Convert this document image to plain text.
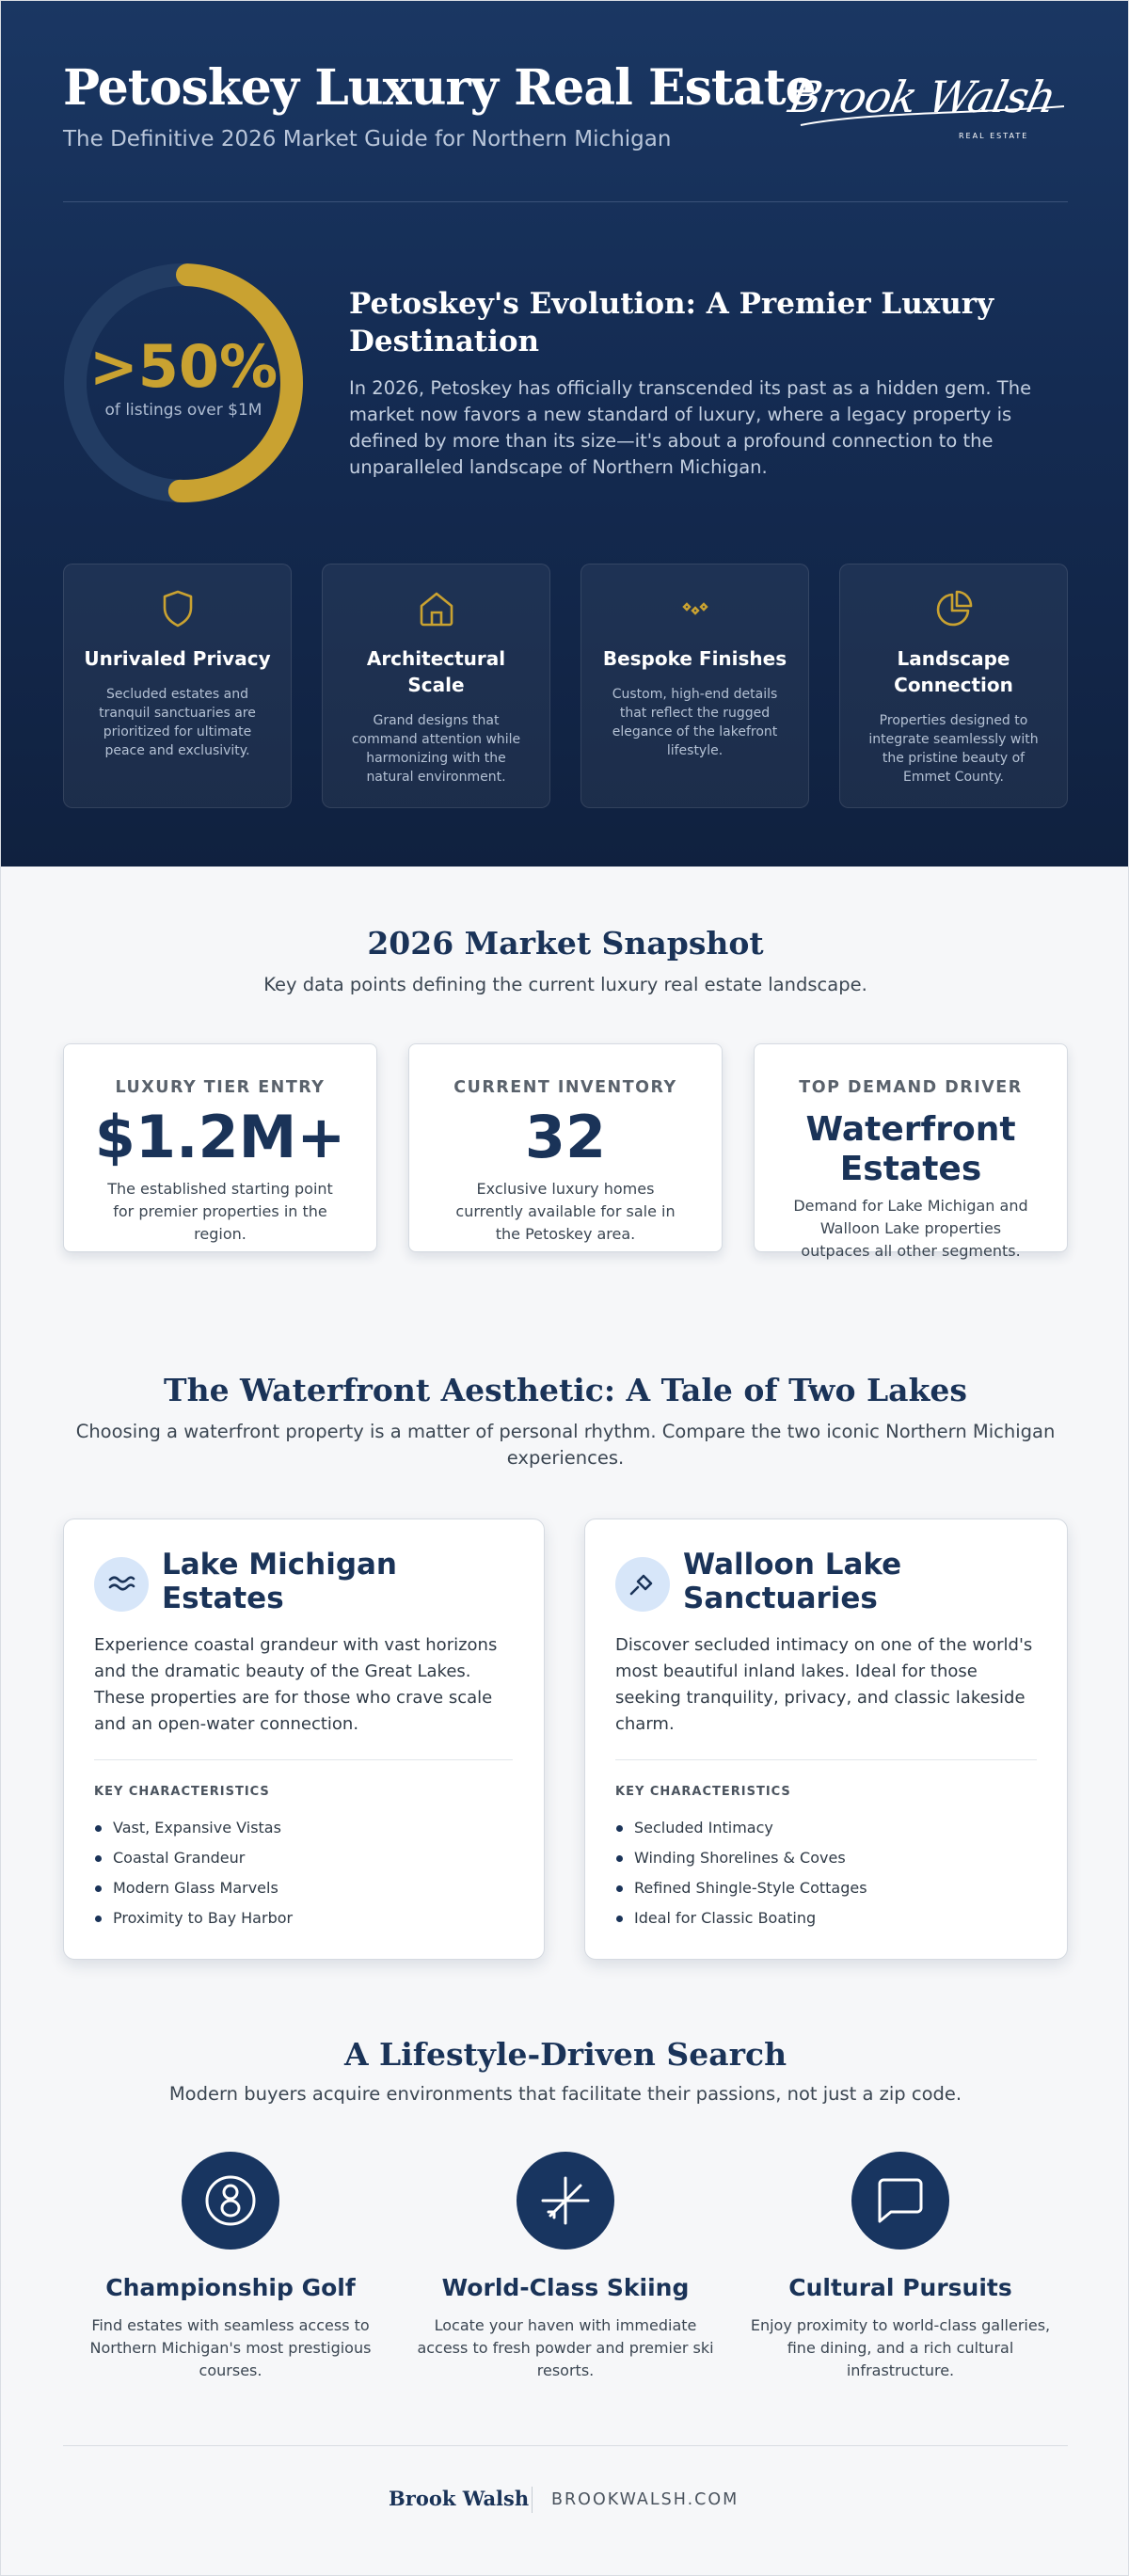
Petoskey Luxury Real Estate
The Definitive 2026 Market Guide for Northern Michigan
Brook Walsh
REAL ESTATE
>50%
of listings over $1M
Petoskey's Evolution: A Premier Luxury Destination

In 2026, Petoskey has officially transcended its past as a hidden gem. The market now favors a new standard of luxury, where a legacy property is defined by more than its size—it's about a profound connection to the unparalleled landscape of Northern Michigan.

Unrivaled Privacy
Secluded estates and tranquil sanctuaries are prioritized for ultimate peace and exclusivity.
Architectural Scale
Grand designs that command attention while harmonizing with the natural environment.
Bespoke Finishes
Custom, high-end details that reflect the rugged elegance of the lakefront lifestyle.
Landscape Connection
Properties designed to integrate seamlessly with the pristine beauty of Emmet County.
2026 Market Snapshot
Key data points defining the current luxury real estate landscape.
LUXURY TIER ENTRY
$1.2M+
The established starting point for premier properties in the region.
CURRENT INVENTORY
32
Exclusive luxury homes currently available for sale in the Petoskey area.
TOP DEMAND DRIVER
Waterfront Estates
Demand for Lake Michigan and Walloon Lake properties outpaces all other segments.
The Waterfront Aesthetic: A Tale of Two Lakes
Choosing a waterfront property is a matter of personal rhythm. Compare the two iconic Northern Michigan experiences.
Lake Michigan Estates

Experience coastal grandeur with vast horizons and the dramatic beauty of the Great Lakes. These properties are for those who crave scale and an open-water connection.

KEY CHARACTERISTICS
Vast, Expansive Vistas
Coastal Grandeur
Modern Glass Marvels
Proximity to Bay Harbor
Walloon Lake Sanctuaries

Discover secluded intimacy on one of the world's most beautiful inland lakes. Ideal for those seeking tranquility, privacy, and classic lakeside charm.

KEY CHARACTERISTICS
Secluded Intimacy
Winding Shorelines & Coves
Refined Shingle-Style Cottages
Ideal for Classic Boating
A Lifestyle-Driven Search
Modern buyers acquire environments that facilitate their passions, not just a zip code.
Championship Golf
Find estates with seamless access to Northern Michigan's most prestigious courses.
World-Class Skiing
Locate your haven with immediate access to fresh powder and premier ski resorts.
Cultural Pursuits
Enjoy proximity to world-class galleries, fine dining, and a rich cultural infrastructure.
Brook Walsh BROOKWALSH.COM
